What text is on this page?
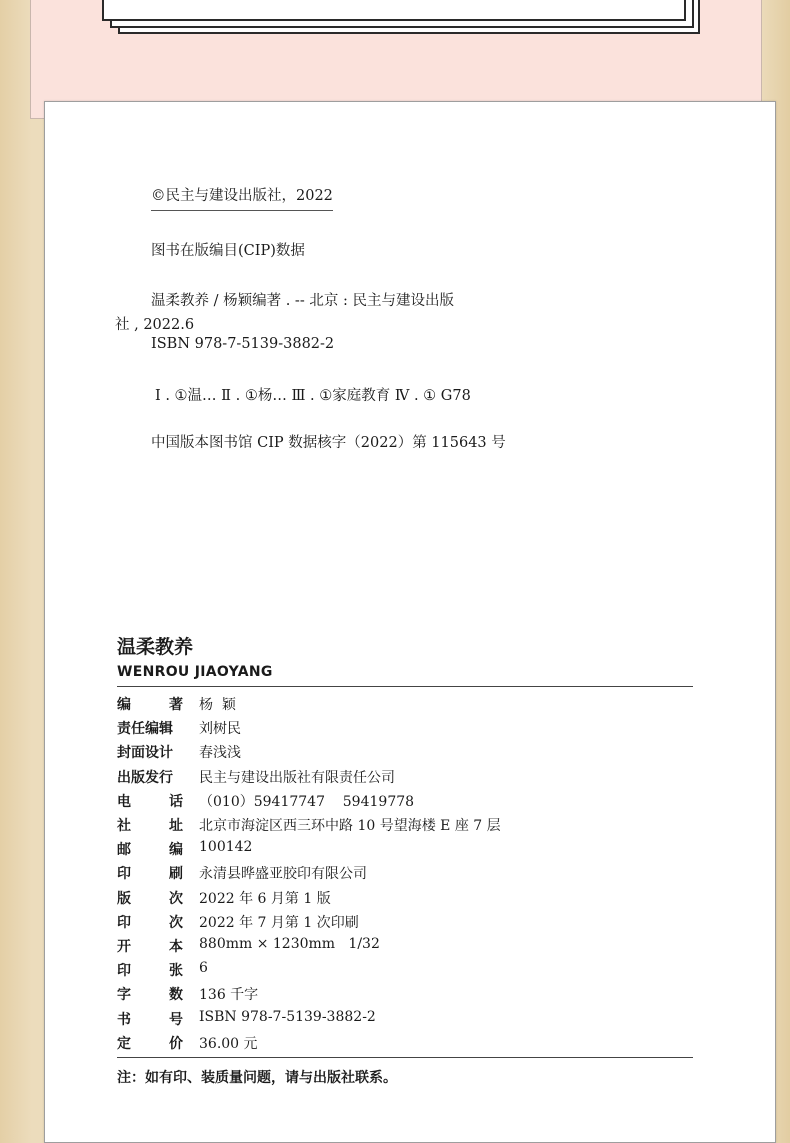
©民主与建设出版社，2022
图书在版编目(CIP)数据
温柔教养 / 杨颖编著 . -- 北京 : 民主与建设出版
社 , 2022.6
ISBN 978-7-5139-3882-2
Ⅰ . ①温… Ⅱ . ①杨… Ⅲ . ①家庭教育 Ⅳ . ① G78
中国版本图书馆 CIP 数据核字（2022）第 115643 号
温柔教养
WENROU JIAOYANG
编	著 杨  颖
责任编辑 刘树民
封面设计 春浅浅
出版发行 民主与建设出版社有限责任公司
电	话 （010）59417747    59419778
社	址 北京市海淀区西三环中路 10 号望海楼 E 座 7 层
邮	编 100142
印	刷 永清县晔盛亚胶印有限公司
版	次 2022 年 6 月第 1 版
印	次 2022 年 7 月第 1 次印刷
开	本 880mm × 1230mm   1/32
印	张 6
字	数 136 千字
书	号 ISBN 978-7-5139-3882-2
定	价 36.00 元
注：如有印、装质量问题，请与出版社联系。
